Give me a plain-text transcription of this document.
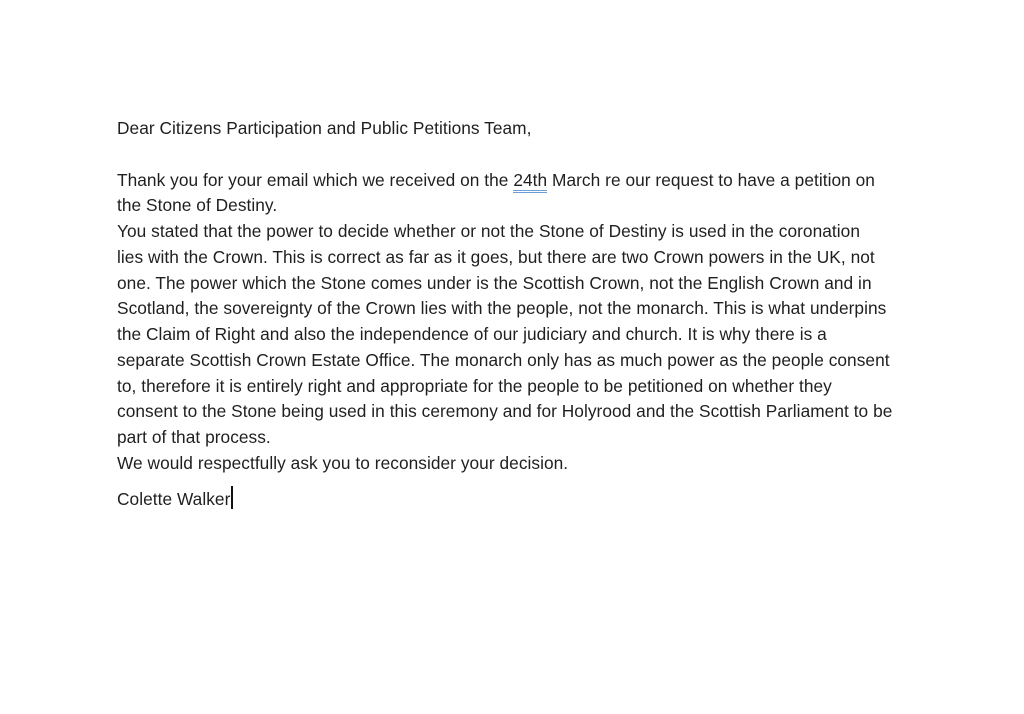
Dear Citizens Participation and Public Petitions Team,

Thank you for your email which we received on the 24th March re our request to have a petition on
the Stone of Destiny.
You stated that the power to decide whether or not the Stone of Destiny is used in the coronation
lies with the Crown. This is correct as far as it goes, but there are two Crown powers in the UK, not
one. The power which the Stone comes under is the Scottish Crown, not the English Crown and in
Scotland, the sovereignty of the Crown lies with the people, not the monarch. This is what underpins
the Claim of Right and also the independence of our judiciary and church. It is why there is a
separate Scottish Crown Estate Office. The monarch only has as much power as the people consent
to, therefore it is entirely right and appropriate for the people to be petitioned on whether they
consent to the Stone being used in this ceremony and for Holyrood and the Scottish Parliament to be
part of that process.
We would respectfully ask you to reconsider your decision.
Colette Walker
